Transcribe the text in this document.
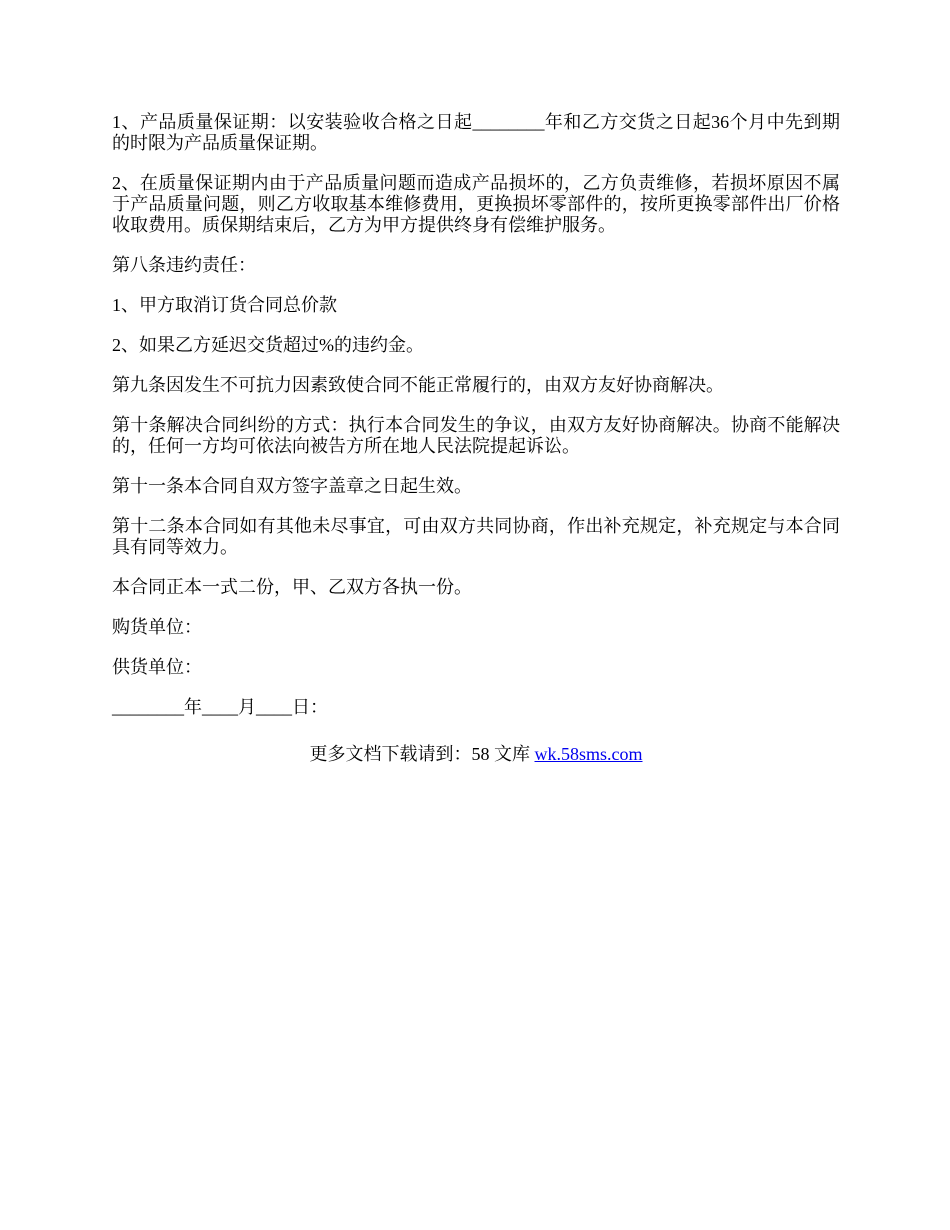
1、产品质量保证期：以安装验收合格之日起________年和乙方交货之日起36个月中先到期的时限为产品质量保证期。

2、在质量保证期内由于产品质量问题而造成产品损坏的，乙方负责维修，若损坏原因不属于产品质量问题，则乙方收取基本维修费用，更换损坏零部件的，按所更换零部件出厂价格收取费用。质保期结束后，乙方为甲方提供终身有偿维护服务。

第八条违约责任：

1、甲方取消订货合同总价款

2、如果乙方延迟交货超过%的违约金。

第九条因发生不可抗力因素致使合同不能正常履行的，由双方友好协商解决。

第十条解决合同纠纷的方式：执行本合同发生的争议，由双方友好协商解决。协商不能解决的，任何一方均可依法向被告方所在地人民法院提起诉讼。

第十一条本合同自双方签字盖章之日起生效。

第十二条本合同如有其他未尽事宜，可由双方共同协商，作出补充规定，补充规定与本合同具有同等效力。

本合同正本一式二份，甲、乙双方各执一份。

购货单位：

供货单位：

________年____月____日：

更多文档下载请到：58 文库 wk.58sms.com
